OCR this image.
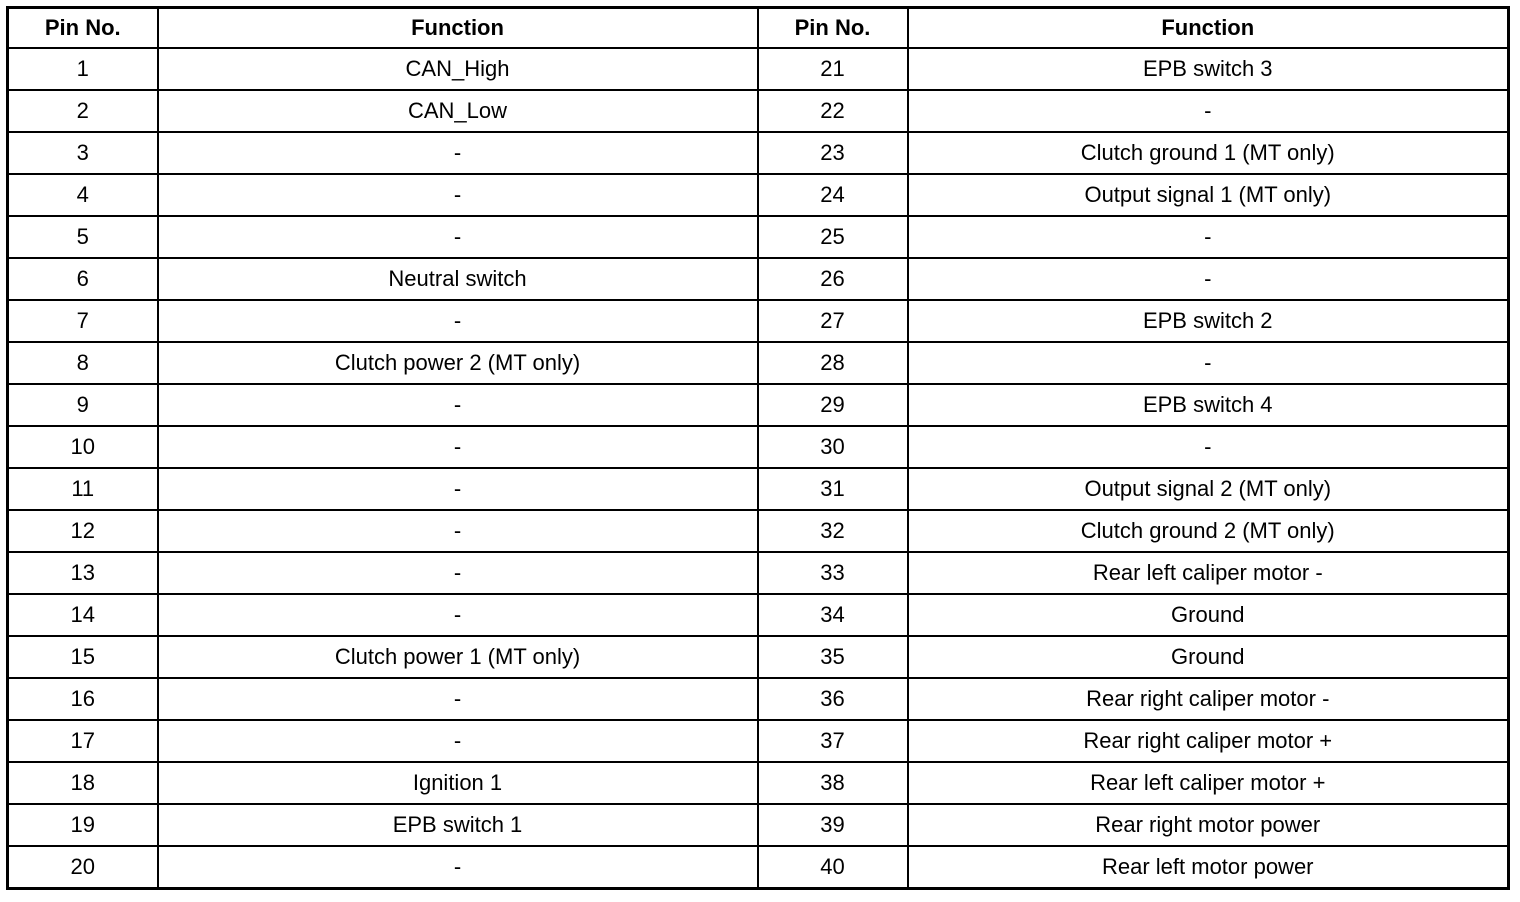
Pin No.	Function	Pin No.	Function
1	CAN_High	21	EPB switch 3
2	CAN_Low	22	-
3	-	23	Clutch ground 1 (MT only)
4	-	24	Output signal 1 (MT only)
5	-	25	-
6	Neutral switch	26	-
7	-	27	EPB switch 2
8	Clutch power 2 (MT only)	28	-
9	-	29	EPB switch 4
10	-	30	-
11	-	31	Output signal 2 (MT only)
12	-	32	Clutch ground 2 (MT only)
13	-	33	Rear left caliper motor -
14	-	34	Ground
15	Clutch power 1 (MT only)	35	Ground
16	-	36	Rear right caliper motor -
17	-	37	Rear right caliper motor +
18	Ignition 1	38	Rear left caliper motor +
19	EPB switch 1	39	Rear right motor power
20	-	40	Rear left motor power
